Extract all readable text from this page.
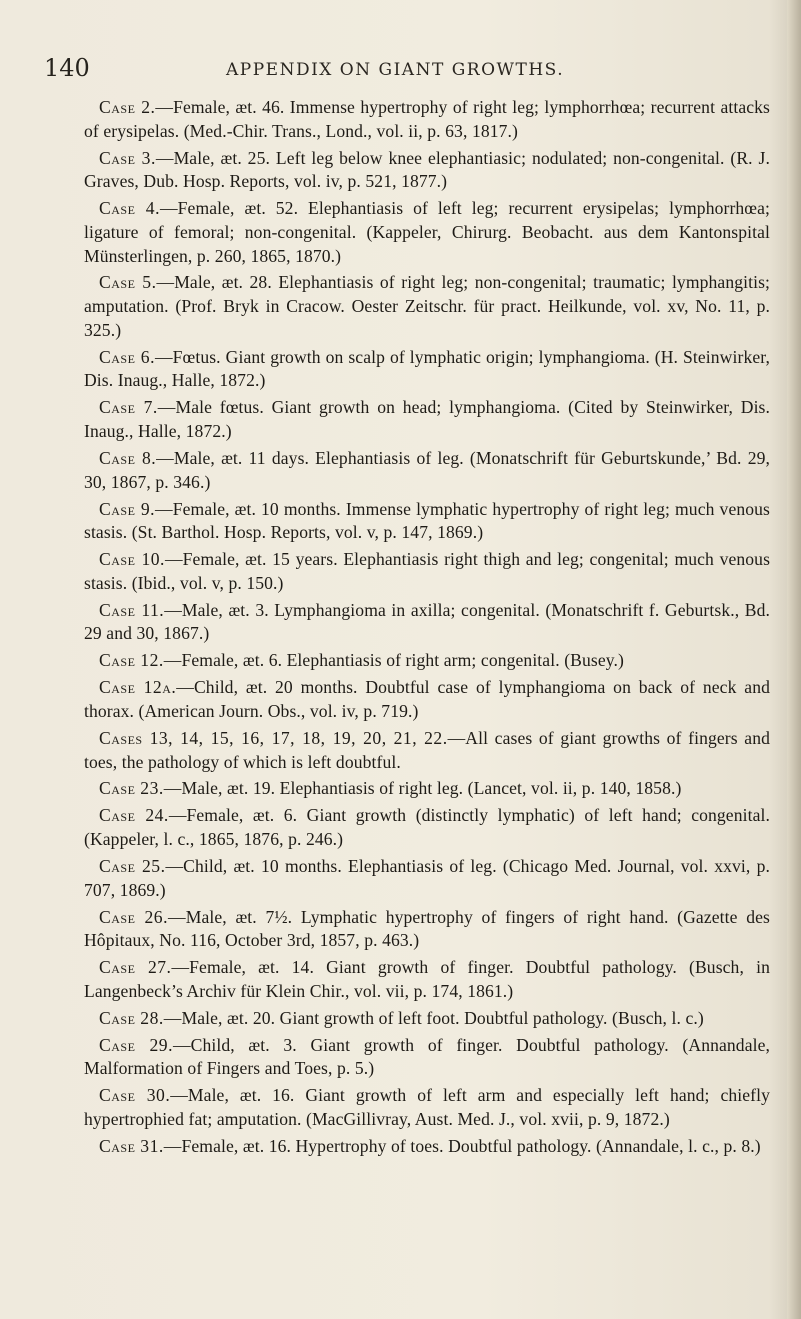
140	APPENDIX ON GIANT GROWTHS.

Case 2.—Female, æt. 46. Immense hypertrophy of right leg; lymphorrhœa; recurrent attacks of erysipelas. (Med.-Chir. Trans., Lond., vol. ii, p. 63, 1817.)

Case 3.—Male, æt. 25. Left leg below knee elephantiasic; nodulated; non-congenital. (R. J. Graves, Dub. Hosp. Reports, vol. iv, p. 521, 1877.)

Case 4.—Female, æt. 52. Elephantiasis of left leg; recurrent erysipelas; lymphorrhœa; ligature of femoral; non-congenital. (Kappeler, Chirurg. Beobacht. aus dem Kantonspital Münsterlingen, p. 260, 1865, 1870.)

Case 5.—Male, æt. 28. Elephantiasis of right leg; non-congenital; traumatic; lymphangitis; amputation. (Prof. Bryk in Cracow. Oester Zeitschr. für pract. Heilkunde, vol. xv, No. 11, p. 325.)

Case 6.—Fœtus. Giant growth on scalp of lymphatic origin; lymphangioma. (H. Steinwirker, Dis. Inaug., Halle, 1872.)

Case 7.—Male fœtus. Giant growth on head; lymphangioma. (Cited by Steinwirker, Dis. Inaug., Halle, 1872.)

Case 8.—Male, æt. 11 days. Elephantiasis of leg. (Monatschrift für Geburtskunde,’ Bd. 29, 30, 1867, p. 346.)

Case 9.—Female, æt. 10 months. Immense lymphatic hypertrophy of right leg; much venous stasis. (St. Barthol. Hosp. Reports, vol. v, p. 147, 1869.)

Case 10.—Female, æt. 15 years. Elephantiasis right thigh and leg; congenital; much venous stasis. (Ibid., vol. v, p. 150.)

Case 11.—Male, æt. 3. Lymphangioma in axilla; congenital. (Monatschrift f. Geburtsk., Bd. 29 and 30, 1867.)

Case 12.—Female, æt. 6. Elephantiasis of right arm; congenital. (Busey.)

Case 12a.—Child, æt. 20 months. Doubtful case of lymphangioma on back of neck and thorax. (American Journ. Obs., vol. iv, p. 719.)

Cases 13, 14, 15, 16, 17, 18, 19, 20, 21, 22.—All cases of giant growths of fingers and toes, the pathology of which is left doubtful.

Case 23.—Male, æt. 19. Elephantiasis of right leg. (Lancet, vol. ii, p. 140, 1858.)

Case 24.—Female, æt. 6. Giant growth (distinctly lymphatic) of left hand; congenital. (Kappeler, l. c., 1865, 1876, p. 246.)

Case 25.—Child, æt. 10 months. Elephantiasis of leg. (Chicago Med. Journal, vol. xxvi, p. 707, 1869.)

Case 26.—Male, æt. 7½. Lymphatic hypertrophy of fingers of right hand. (Gazette des Hôpitaux, No. 116, October 3rd, 1857, p. 463.)

Case 27.—Female, æt. 14. Giant growth of finger. Doubtful pathology. (Busch, in Langenbeck’s Archiv für Klein Chir., vol. vii, p. 174, 1861.)

Case 28.—Male, æt. 20. Giant growth of left foot. Doubtful pathology. (Busch, l. c.)

Case 29.—Child, æt. 3. Giant growth of finger. Doubtful pathology. (Annandale, Malformation of Fingers and Toes, p. 5.)

Case 30.—Male, æt. 16. Giant growth of left arm and especially left hand; chiefly hypertrophied fat; amputation. (MacGillivray, Aust. Med. J., vol. xvii, p. 9, 1872.)

Case 31.—Female, æt. 16. Hypertrophy of toes. Doubtful pathology. (Annandale, l. c., p. 8.)
